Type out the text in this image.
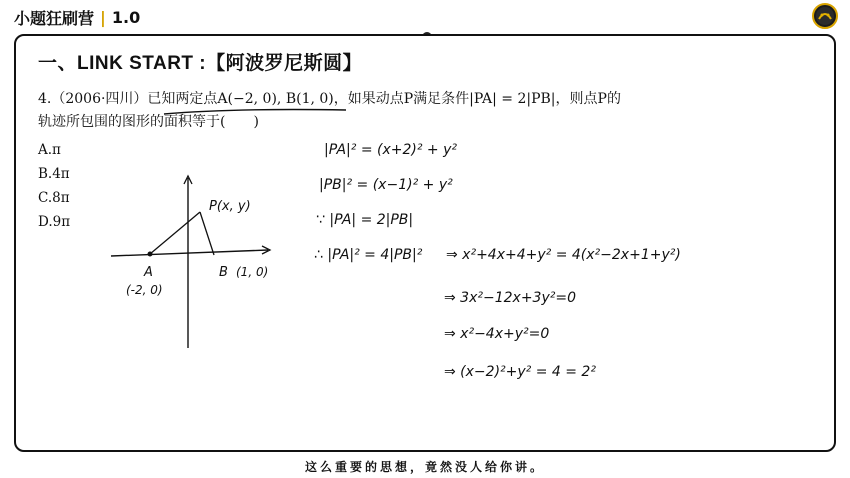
小题狂刷营 | 1.0
一、LINK START :【阿波罗尼斯圆】
4.（2006·四川）已知两定点A(−2, 0), B(1, 0)，如果动点P满足条件|PA| = 2|PB|，则点P的
轨迹所包围的图形的面积等于(　　)
A.π
B.4π
C.8π
D.9π
P(x, y)
A
(-2, 0)
B (1, 0)
|PA|² = (x+2)² + y²
|PB|² = (x−1)² + y²
∵ |PA| = 2|PB|
∴ |PA|² = 4|PB|² ⇒ x²+4x+4+y² = 4(x²−2x+1+y²)
⇒ 3x²−12x+3y²=0
⇒ x²−4x+y²=0
⇒ (x−2)²+y² = 4 = 2²
这么重要的思想，竟然没人给你讲。
